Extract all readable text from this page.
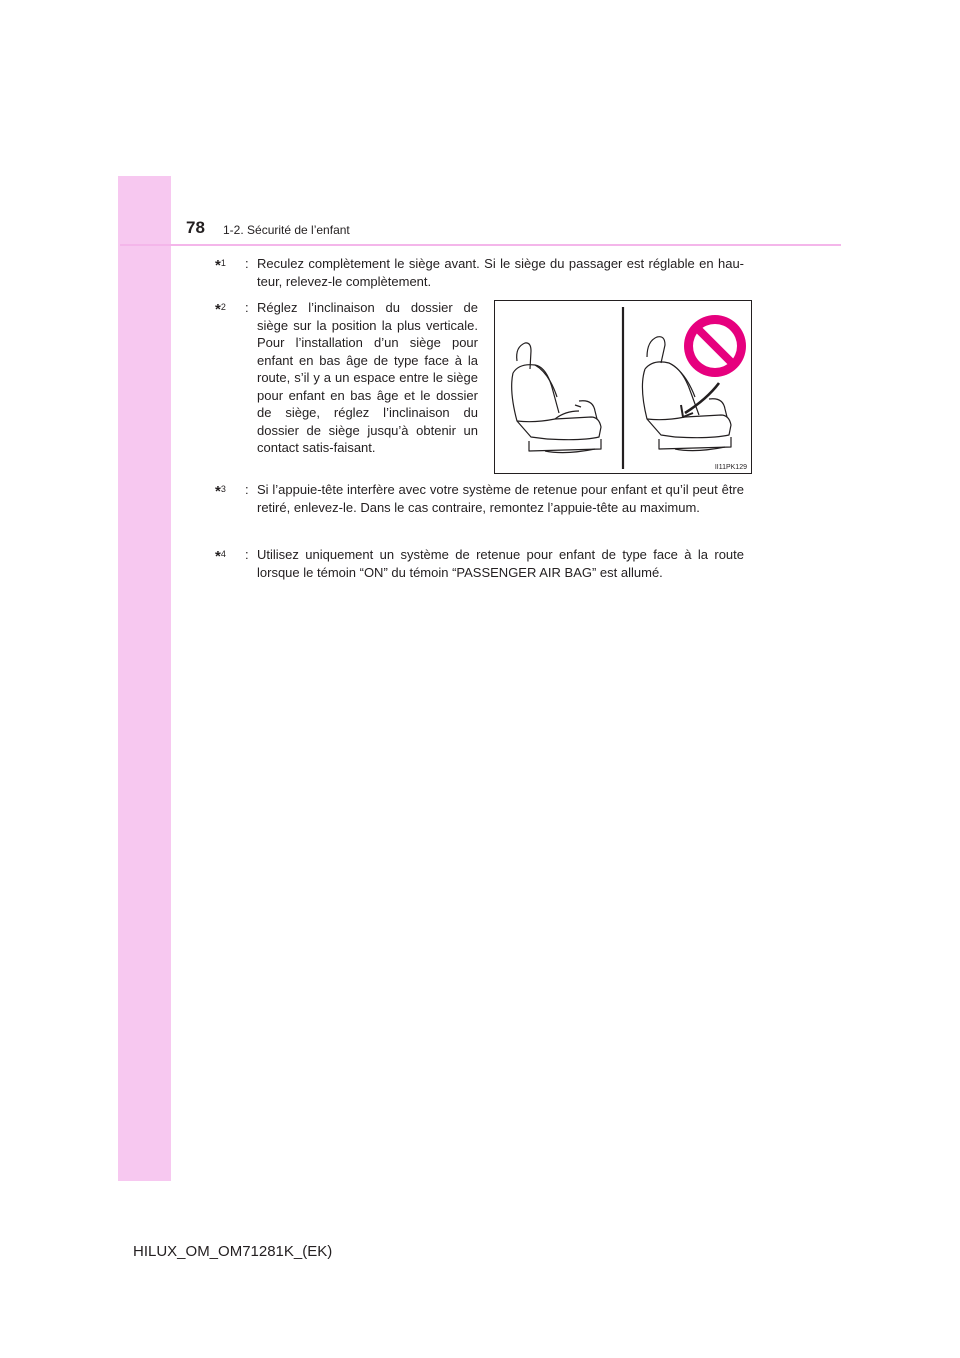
78 1-2. Sécurité de l’enfant
*$^1$ : Reculez complètement le siège avant. Si le siège du passager est réglable en hau-teur, relevez-le complètement.
*$^2$ : Réglez l’inclinaison du dossier de siège sur la position la plus verticale. Pour l’installation d’un siège pour enfant en bas âge de type face à la route, s’il y a un espace entre le siège pour enfant en bas âge et le dossier de siège, réglez l’inclinaison du dossier de siège jusqu’à obtenir un contact satis-faisant.
II11PK129
*$^3$ : Si l’appuie-tête interfère avec votre système de retenue pour enfant et qu’il peut être retiré, enlevez-le. Dans le cas contraire, remontez l’appuie-tête au maximum.
*$^4$ : Utilisez uniquement un système de retenue pour enfant de type face à la route lorsque le témoin “ON” du témoin “PASSENGER AIR BAG” est allumé.
HILUX_OM_OM71281K_(EK)
